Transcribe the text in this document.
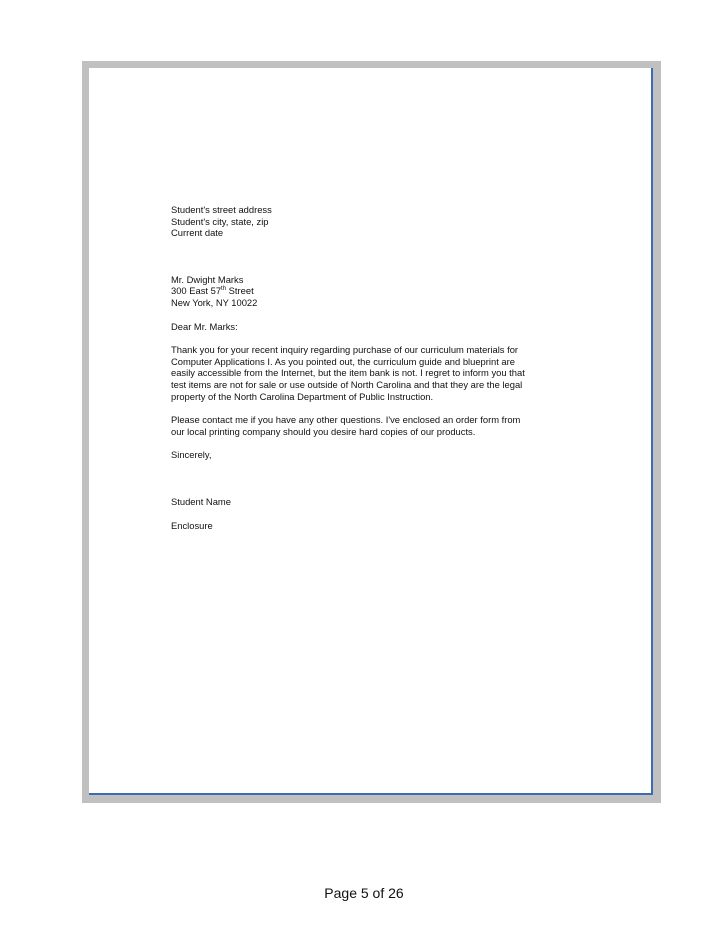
Student's street address
Student's city, state, zip
Current date
Mr. Dwight Marks
300 East 57th Street
New York, NY 10022
Dear Mr. Marks:
Thank you for your recent inquiry regarding purchase of our curriculum materials for
Computer Applications I. As you pointed out, the curriculum guide and blueprint are
easily accessible from the Internet, but the item bank is not. I regret to inform you that
test items are not for sale or use outside of North Carolina and that they are the legal
property of the North Carolina Department of Public Instruction.
Please contact me if you have any other questions. I've enclosed an order form from
our local printing company should you desire hard copies of our products.
Sincerely,
Student Name
Enclosure
Page 5 of 26
